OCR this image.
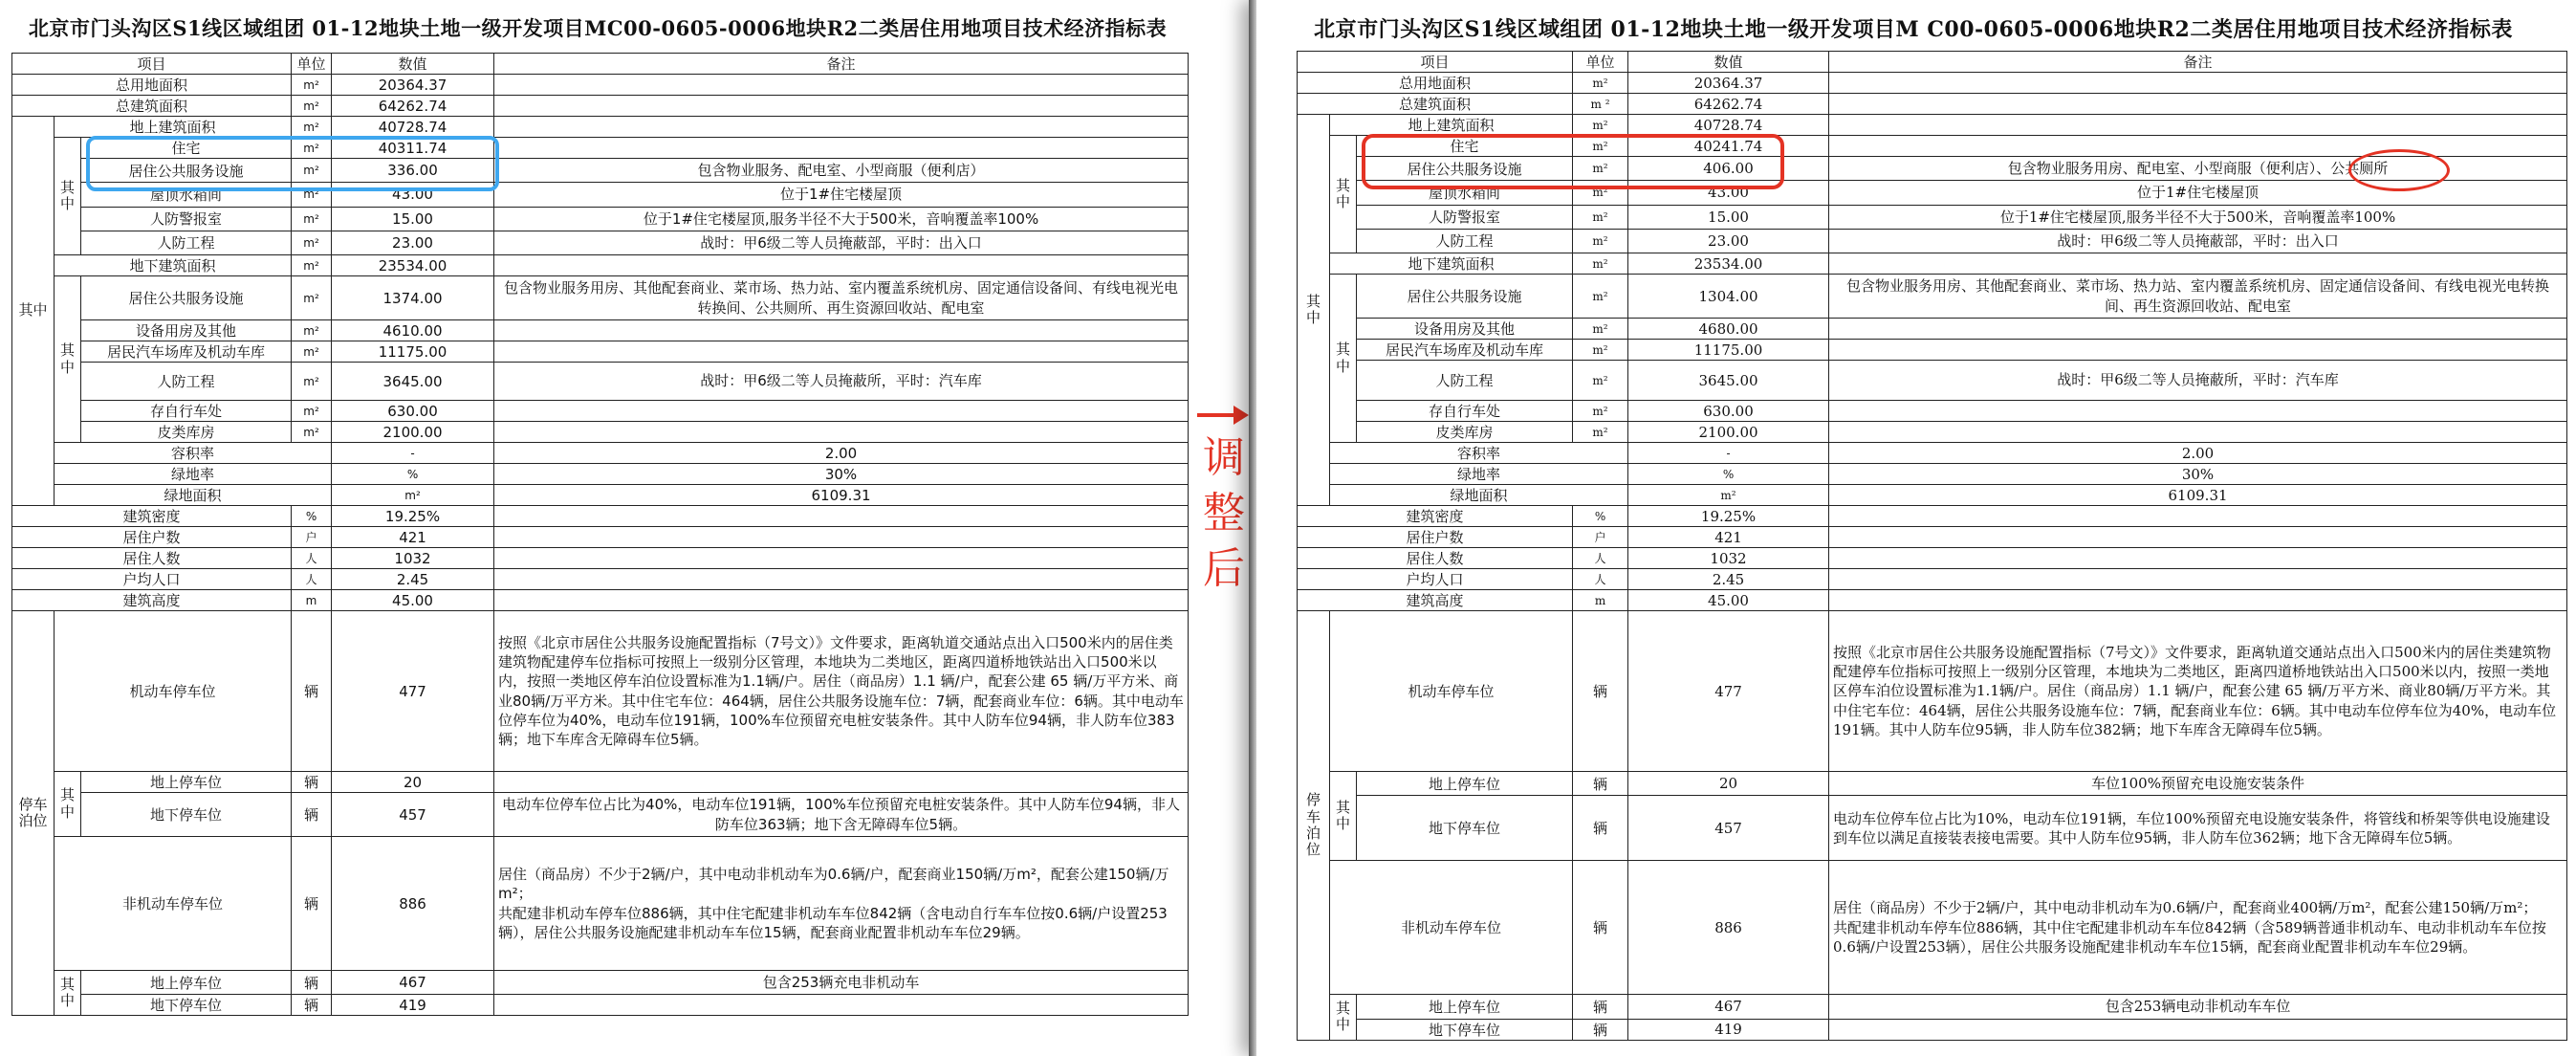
北京市门头沟区S1线区域组团 01-12地块土地一级开发项目MC00-0605-0006地块R2二类居住用地项目技术经济指标表
项目			单位	数值	备注	
总用地面积			m²	20364.37		
总建筑面积			m²	64262.74		
其中	地上建筑面积		m²	40728.74		
	其
中	住宅	m²	40311.74		
		居住公共服务设施	m²	336.00	包含物业服务、配电室、小型商服（便利店）	
		屋顶水箱间	m²	43.00	位于1#住宅楼屋顶	
		人防警报室	m²	15.00	位于1#住宅楼屋顶,服务半径不大于500米，音响覆盖率100%	
		人防工程	m²	23.00	战时：甲6级二等人员掩蔽部，平时：出入口	
	地下建筑面积		m²	23534.00		
	其
中	居住公共服务设施	m²	1374.00	包含物业服务用房、其他配套商业、菜市场、热力站、室内覆盖系统机房、固定通信设备间、有线电视光电转换间、公共厕所、再生资源回收站、配电室	
		设备用房及其他	m²	4610.00		
		居民汽车场库及机动车库	m²	11175.00		
		人防工程	m²	3645.00	战时：甲6级二等人员掩蔽所，平时：汽车库	
		存自行车处	m²	630.00		
		皮类库房	m²	2100.00		
	容积率			-	2.00	
	绿地率			%	30%	
	绿地面积			m²	6109.31	
建筑密度			%	19.25%		
居住户数			户	421		
居住人数			人	1032		
户均人口			人	2.45		
建筑高度			m	45.00		
停车泊位	机动车停车位		辆	477	按照《北京市居住公共服务设施配置指标（7号文）》文件要求，距离轨道交通站点出入口500米内的居住类建筑物配建停车位指标可按照上一级别分区管理，本地块为二类地区，距离四道桥地铁站出入口500米以内，按照一类地区停车泊位设置标准为1.1辆/户。居住（商品房）1.1 辆/户，配套公建 65 辆/万平方米、商业80辆/万平方米。其中住宅车位：464辆，居住公共服务设施车位：7辆，配套商业车位：6辆。其中电动车位停车位为40%，电动车位191辆，100%车位预留充电桩安装条件。其中人防车位94辆，非人防车位383辆；地下车库含无障碍车位5辆。	
	其
中	地上停车位	辆	20		
		地下停车位	辆	457	电动车位停车位占比为40%，电动车位191辆，100%车位预留充电桩安装条件。其中人防车位94辆，非人防车位363辆；地下含无障碍车位5辆。	
	非机动车停车位		辆	886	居住（商品房）不少于2辆/户，其中电动非机动车为0.6辆/户，配套商业150辆/万m²，配套公建150辆/万m²；
共配建非机动车停车位886辆，其中住宅配建非机动车车位842辆（含电动自行车车位按0.6辆/户设置253辆），居住公共服务设施配建非机动车车位15辆，配套商业配置非机动车车位29辆。	
	其
中	地上停车位	辆	467	包含253辆充电非机动车	
		地下停车位	辆	419		
调整后
北京市门头沟区S1线区域组团 01-12地块土地一级开发项目M C00-0605-0006地块R2二类居住用地项目技术经济指标表
项目			单位	数值	备注	
总用地面积			m²	20364.37		
总建筑面积			m ²	64262.74		
其中	地上建筑面积		m²	40728.74		
	其
中	住宅	m²	40241.74		
		居住公共服务设施	m²	406.00	包含物业服务用房、配电室、小型商服（便利店）、公共厕所	
		屋顶水箱间	m²	43.00	位于1#住宅楼屋顶	
		人防警报室	m²	15.00	位于1#住宅楼屋顶,服务半径不大于500米，音响覆盖率100%	
		人防工程	m²	23.00	战时：甲6级二等人员掩蔽部，平时：出入口	
	地下建筑面积		m²	23534.00		
	其
中	居住公共服务设施	m²	1304.00	包含物业服务用房、其他配套商业、菜市场、热力站、室内覆盖系统机房、固定通信设备间、有线电视光电转换间、再生资源回收站、配电室	
		设备用房及其他	m²	4680.00		
		居民汽车场库及机动车库	m²	11175.00		
		人防工程	m²	3645.00	战时：甲6级二等人员掩蔽所，平时：汽车库	
		存自行车处	m²	630.00		
		皮类库房	m²	2100.00		
	容积率			-	2.00	
	绿地率			%	30%	
	绿地面积			m²	6109.31	
建筑密度			%	19.25%		
居住户数			户	421		
居住人数			人	1032		
户均人口			人	2.45		
建筑高度			m	45.00		
停车
泊位	机动车停车位		辆	477	按照《北京市居住公共服务设施配置指标（7号文）》文件要求，距离轨道交通站点出入口500米内的居住类建筑物配建停车位指标可按照上一级别分区管理，本地块为二类地区，距离四道桥地铁站出入口500米以内，按照一类地区停车泊位设置标准为1.1辆/户。居住（商品房）1.1 辆/户，配套公建 65 辆/万平方米、商业80辆/万平方米。其中住宅车位：464辆，居住公共服务设施车位：7辆，配套商业车位：6辆。其中电动车位停车位为40%，电动车位191辆。其中人防车位95辆，非人防车位382辆；地下车库含无障碍车位5辆。	
	其
中	地上停车位	辆	20	车位100%预留充电设施安装条件	
		地下停车位	辆	457	电动车位停车位占比为10%，电动车位191辆，车位100%预留充电设施安装条件，将管线和桥架等供电设施建设到车位以满足直接装表接电需要。其中人防车位95辆，非人防车位362辆；地下含无障碍车位5辆。	
	非机动车停车位		辆	886	居住（商品房）不少于2辆/户，其中电动非机动车为0.6辆/户，配套商业400辆/万m²，配套公建150辆/万m²；
共配建非机动车停车位886辆，其中住宅配建非机动车车位842辆（含589辆普通非机动车、电动非机动车车位按0.6辆/户设置253辆），居住公共服务设施配建非机动车车位15辆，配套商业配置非机动车车位29辆。	
	其
中	地上停车位	辆	467	包含253辆电动非机动车车位	
		地下停车位	辆	419		
